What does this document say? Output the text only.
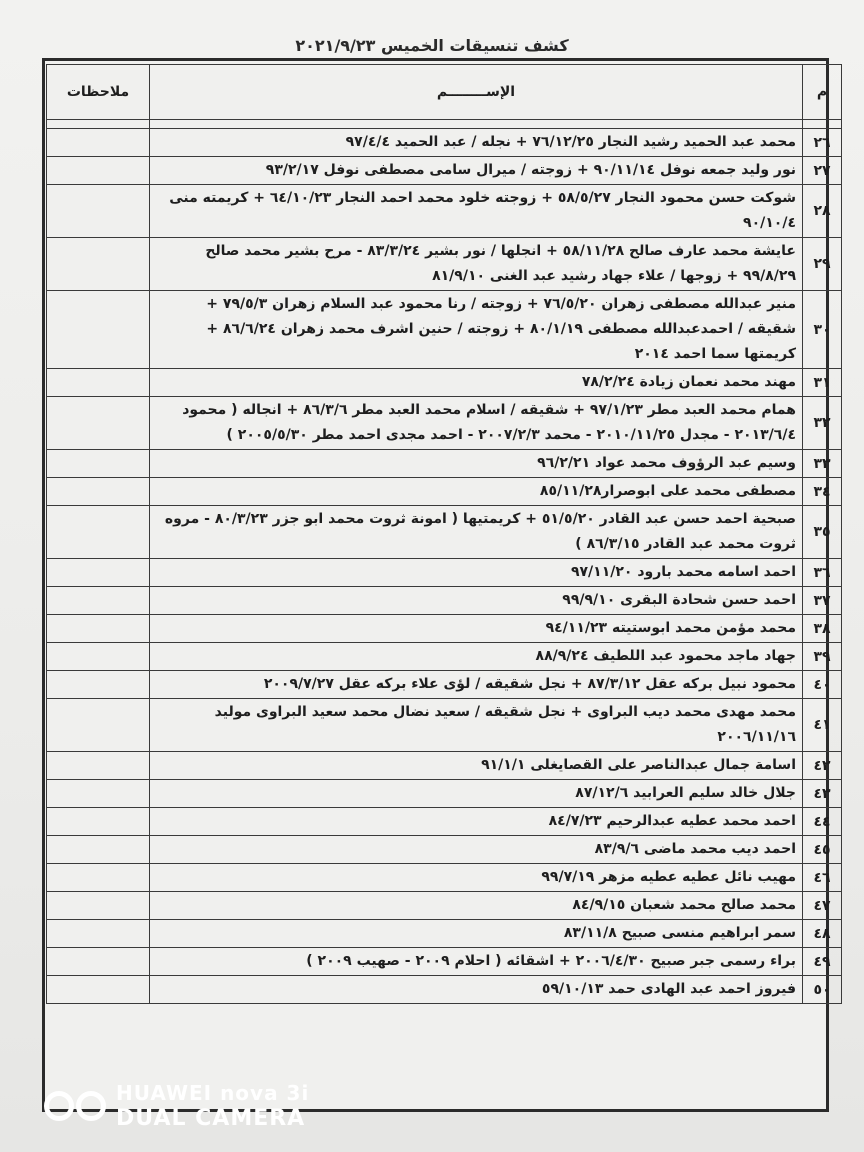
كشف تنسيقات الخميس ٢٠٢١/٩/٢٣
م	الإســــــــم	ملاحظات

٢٦	محمد عبد الحميد رشيد النجار ٧٦/١٢/٢٥ + نجله / عبد الحميد ٩٧/٤/٤	
٢٧	نور وليد جمعه نوفل ٩٠/١١/١٤ + زوجته / ميرال سامى مصطفى نوفل ٩٣/٢/١٧	
٢٨	شوكت حسن محمود النجار ٥٨/٥/٢٧ + زوجته خلود محمد احمد النجار ٦٤/١٠/٢٣ + كريمته منى ٩٠/١٠/٤	
٢٩	عايشة محمد عارف صالح ٥٨/١١/٢٨ + انجلها / نور بشير ٨٣/٣/٢٤ - مرح بشير محمد صالح ٩٩/٨/٢٩ + زوجها / علاء جهاد رشيد عبد الغنى ٨١/٩/١٠	
٣٠	منير عبدالله مصطفى زهران ٧٦/٥/٢٠ + زوجته / رنا محمود عبد السلام زهران ٧٩/٥/٣ + شقيقه / احمدعبدالله مصطفى ٨٠/١/١٩ + زوجته / حنين اشرف محمد زهران ٨٦/٦/٢٤ + كريمتها سما احمد ٢٠١٤	
٣١	مهند محمد نعمان زيادة ٧٨/٢/٢٤	
٣٢	همام محمد العبد مطر ٩٧/١/٢٣ + شقيقه / اسلام محمد العبد مطر ٨٦/٣/٦ + انجاله ( محمود ٢٠١٣/٦/٤ - مجدل ٢٠١٠/١١/٢٥ - محمد ٢٠٠٧/٢/٣ - احمد مجدى احمد مطر ٢٠٠٥/٥/٣٠ )	
٣٣	وسيم عبد الرؤوف محمد عواد ٩٦/٢/٢١	
٣٤	مصطفى محمد على ابوصرار٨٥/١١/٢٨	
٣٥	صبحية احمد حسن عبد القادر ٥١/٥/٢٠ + كريمتيها ( امونة ثروت محمد ابو جزر ٨٠/٣/٢٣ - مروه ثروت محمد عبد القادر ٨٦/٣/١٥ )	
٣٦	احمد اسامه محمد بارود ٩٧/١١/٢٠	
٣٧	احمد حسن شحادة البقرى ٩٩/٩/١٠	
٣٨	محمد مؤمن محمد ابوستيته ٩٤/١١/٢٣	
٣٩	جهاد ماجد محمود عبد اللطيف ٨٨/٩/٢٤	
٤٠	محمود نبيل بركه عقل ٨٧/٣/١٢ + نجل شقيقه / لؤى علاء بركه عقل ٢٠٠٩/٧/٢٧	
٤١	محمد مهدى محمد ديب البراوى + نجل شقيقه / سعيد نضال محمد سعيد البراوى موليد ٢٠٠٦/١١/١٦	
٤٢	اسامة جمال عبدالناصر على القصايغلى ٩١/١/١	
٤٣	جلال خالد سليم العرابيد ٨٧/١٢/٦	
٤٤	احمد محمد عطيه عبدالرحيم ٨٤/٧/٢٣	
٤٥	احمد ديب محمد ماضى ٨٣/٩/٦	
٤٦	مهيب نائل عطيه عطيه مزهر ٩٩/٧/١٩	
٤٧	محمد صالح محمد شعبان ٨٤/٩/١٥	
٤٨	سمر ابراهيم منسى صبيح ٨٣/١١/٨	
٤٩	براء رسمى جبر صبيح ٢٠٠٦/٤/٣٠ + اشقائه ( احلام ٢٠٠٩ - صهيب ٢٠٠٩ )	
٥٠	فيروز احمد عبد الهادى حمد ٥٩/١٠/١٣	
HUAWEI nova 3i
DUAL CAMERA
